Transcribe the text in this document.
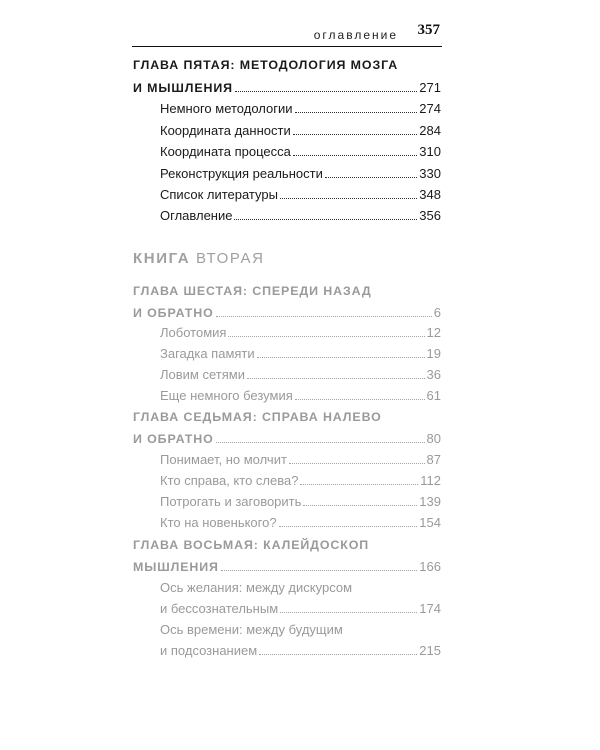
оглавление 357
ГЛАВА ПЯТАЯ: МЕТОДОЛОГИЯ МОЗГА
И МЫШЛЕНИЯ	271
Немного методологии	274
Координата данности	284
Координата процесса	310
Реконструкция реальности	330
Список литературы	348
Оглавление	356
КНИГА ВТОРАЯ
ГЛАВА ШЕСТАЯ: СПЕРЕДИ НАЗАД
И ОБРАТНО	6
Лоботомия	12
Загадка памяти	19
Ловим сетями	36
Еще немного безумия	61
ГЛАВА СЕДЬМАЯ: СПРАВА НАЛЕВО
И ОБРАТНО	80
Понимает, но молчит	87
Кто справа, кто слева?	112
Потрогать и заговорить	139
Кто на новенького?	154
ГЛАВА ВОСЬМАЯ: КАЛЕЙДОСКОП
МЫШЛЕНИЯ	166
Ось желания: между дискурсом
и бессознательным	174
Ось времени: между будущим
и подсознанием	215
